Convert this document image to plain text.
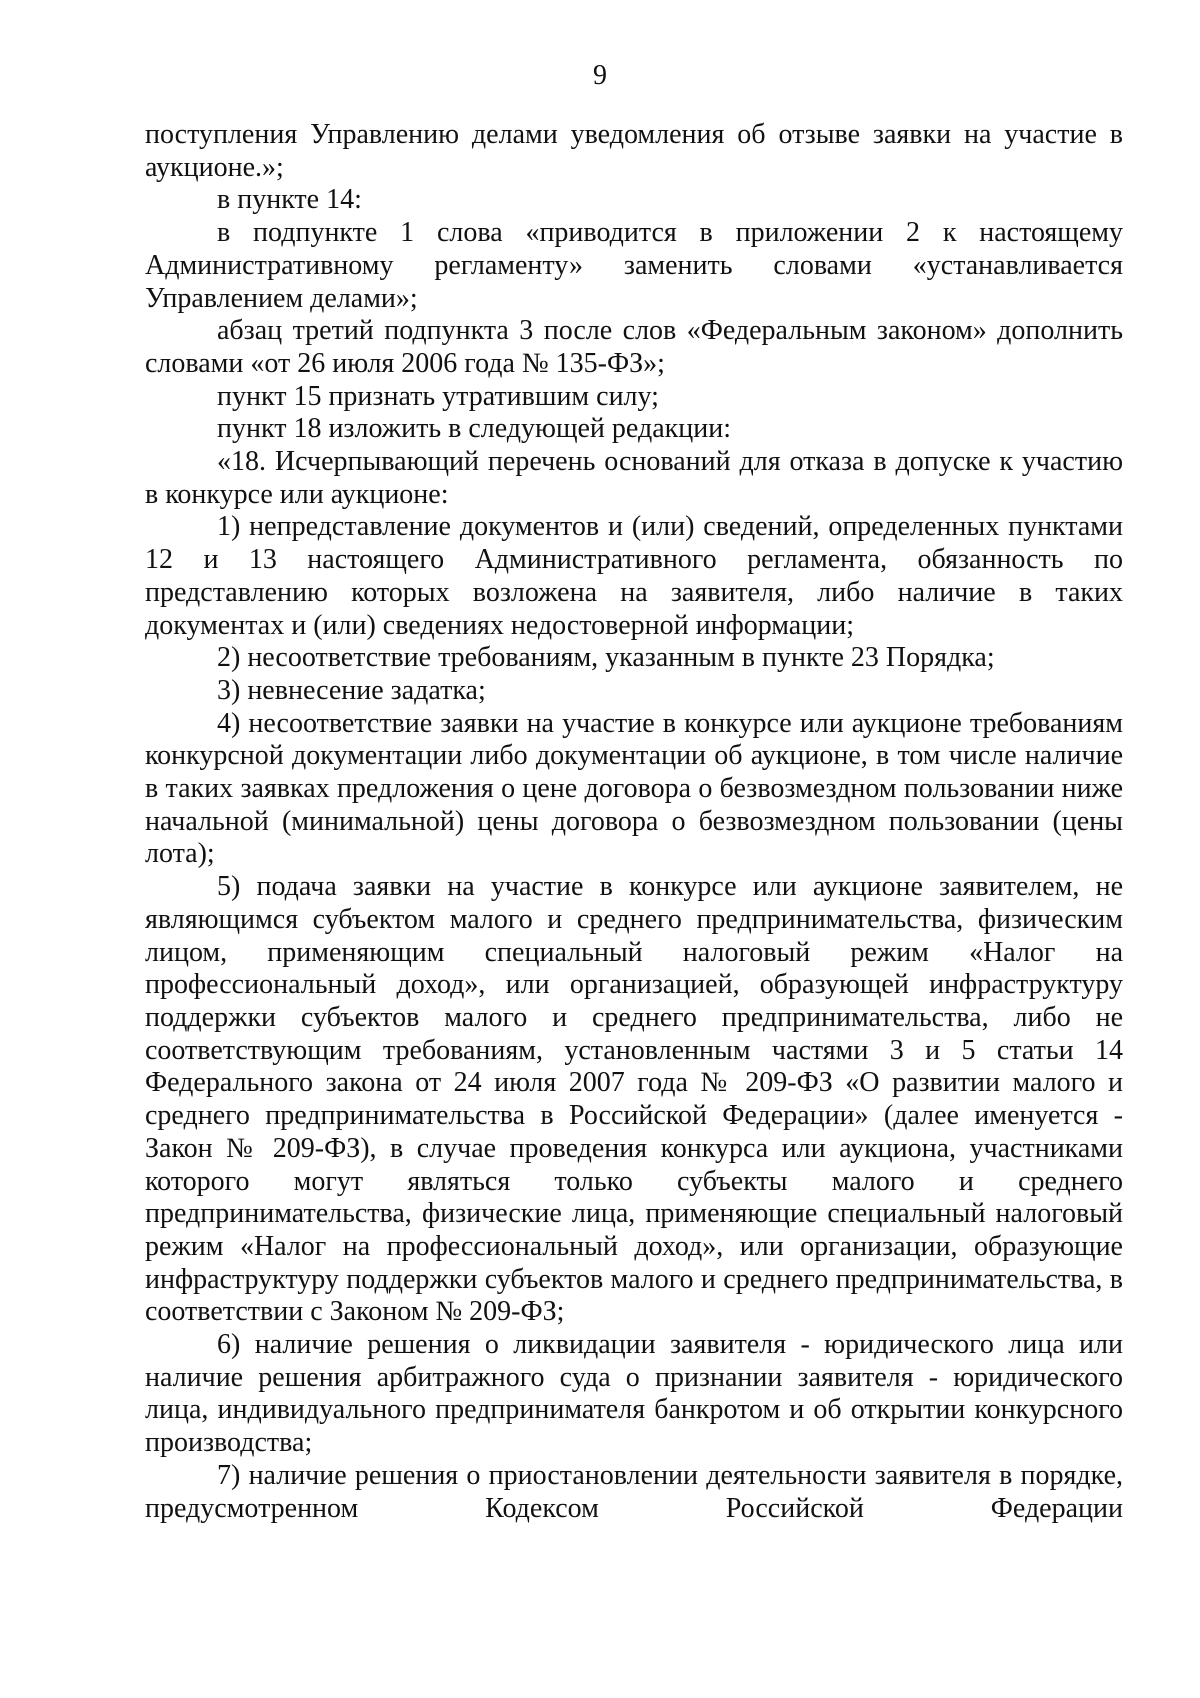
9

поступления Управлению делами уведомления об отзыве заявки на участие в аукционе.»;

в пункте 14:

в подпункте 1 слова «приводится в приложении 2 к настоящему Административному регламенту» заменить словами «устанавливается Управлением делами»;

абзац третий подпункта 3 после слов «Федеральным законом» дополнить словами «от 26 июля 2006 года № 135-ФЗ»;

пункт 15 признать утратившим силу;

пункт 18 изложить в следующей редакции:

«18. Исчерпывающий перечень оснований для отказа в допуске к участию в конкурсе или аукционе:

1) непредставление документов и (или) сведений, определенных пунктами 12 и 13 настоящего Административного регламента, обязанность по представлению которых возложена на заявителя, либо наличие в таких документах и (или) сведениях недостоверной информации;

2) несоответствие требованиям, указанным в пункте 23 Порядка;

3) невнесение задатка;

4) несоответствие заявки на участие в конкурсе или аукционе требованиям конкурсной документации либо документации об аукционе, в том числе наличие в таких заявках предложения о цене договора о безвозмездном пользовании ниже начальной (минимальной) цены договора о безвозмездном пользовании (цены лота);

5) подача заявки на участие в конкурсе или аукционе заявителем, не являющимся субъектом малого и среднего предпринимательства, физическим лицом, применяющим специальный налоговый режим «Налог на профессиональный доход», или организацией, образующей инфраструктуру поддержки субъектов малого и среднего предпринимательства, либо не соответствующим требованиям, установленным частями 3 и 5 статьи 14 Федерального закона от 24 июля 2007 года № 209-ФЗ «О развитии малого и среднего предпринимательства в Российской Федерации» (далее именуется - Закон № 209-ФЗ), в случае проведения конкурса или аукциона, участниками которого могут являться только субъекты малого и среднего предпринимательства, физические лица, применяющие специальный налоговый режим «Налог на профессиональный доход», или организации, образующие инфраструктуру поддержки субъектов малого и среднего предпринимательства, в соответствии с Законом № 209-ФЗ;

6) наличие решения о ликвидации заявителя - юридического лица или наличие решения арбитражного суда о признании заявителя - юридического лица, индивидуального предпринимателя банкротом и об открытии конкурсного производства;

7) наличие решения о приостановлении деятельности заявителя в порядке, предусмотренном Кодексом Российской Федерации
